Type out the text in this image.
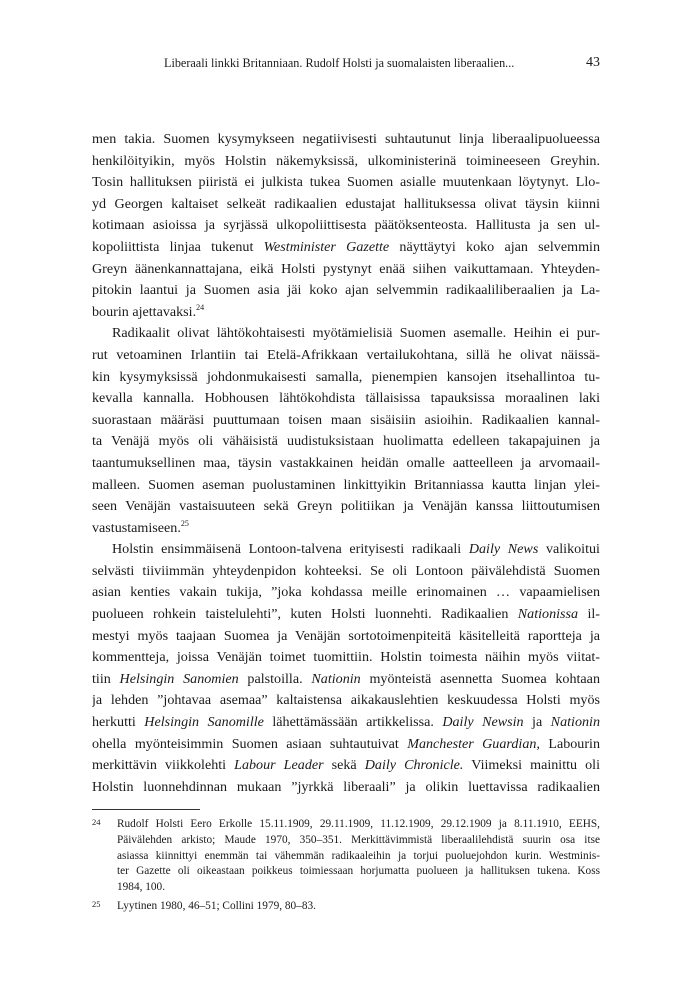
Liberaali linkki Britanniaan. Rudolf Holsti ja suomalaisten liberaalien...	43
men takia. Suomen kysymykseen negatiivisesti suhtautunut linja liberaalipuolueessa
henkilöityikin, myös Holstin näkemyksissä, ulkoministerinä toimineeseen Greyhin.
Tosin hallituksen piiristä ei julkista tukea Suomen asialle muutenkaan löytynyt. Llo-
yd Georgen kaltaiset selkeät radikaalien edustajat hallituksessa olivat täysin kiinni
kotimaan asioissa ja syrjässä ulkopoliittisesta päätöksenteosta. Hallitusta ja sen ul-
kopoliittista linjaa tukenut Westminister Gazette näyttäytyi koko ajan selvemmin
Greyn äänenkannattajana, eikä Holsti pystynyt enää siihen vaikuttamaan. Yhteyden-
pitokin laantui ja Suomen asia jäi koko ajan selvemmin radikaaliliberaalien ja La-
bourin ajettavaksi.$^{24}$
Radikaalit olivat lähtökohtaisesti myötämielisiä Suomen asemalle. Heihin ei pur-
rut vetoaminen Irlantiin tai Etelä-Afrikkaan vertailukohtana, sillä he olivat näissä-
kin kysymyksissä johdonmukaisesti samalla, pienempien kansojen itsehallintoa tu-
kevalla kannalla. Hobhousen lähtökohdista tällaisissa tapauksissa moraalinen laki
suorastaan määräsi puuttumaan toisen maan sisäisiin asioihin. Radikaalien kannal-
ta Venäjä myös oli vähäisistä uudistuksistaan huolimatta edelleen takapajuinen ja
taantumuksellinen maa, täysin vastakkainen heidän omalle aatteelleen ja arvomaail-
malleen. Suomen aseman puolustaminen linkittyikin Britanniassa kautta linjan ylei-
seen Venäjän vastaisuuteen sekä Greyn politiikan ja Venäjän kanssa liittoutumisen
vastustamiseen.$^{25}$
Holstin ensimmäisenä Lontoon-talvena erityisesti radikaali Daily News valikoitui
selvästi tiiviimmän yhteydenpidon kohteeksi. Se oli Lontoon päivälehdistä Suomen
asian kenties vakain tukija, ”joka kohdassa meille erinomainen … vapaamielisen
puolueen rohkein taistelulehti”, kuten Holsti luonnehti. Radikaalien Nationissa il-
mestyi myös taajaan Suomea ja Venäjän sortotoimenpiteitä käsitelleitä raportteja ja
kommentteja, joissa Venäjän toimet tuomittiin. Holstin toimesta näihin myös viitat-
tiin Helsingin Sanomien palstoilla. Nationin myönteistä asennetta Suomea kohtaan
ja lehden ”johtavaa asemaa” kaltaistensa aikakauslehtien keskuudessa Holsti myös
herkutti Helsingin Sanomille lähettämässään artikkelissa. Daily Newsin ja Nationin
ohella myönteisimmin Suomen asiaan suhtautuivat Manchester Guardian, Labourin
merkittävin viikkolehti Labour Leader sekä Daily Chronicle. Viimeksi mainittu oli
Holstin luonnehdinnan mukaan ”jyrkkä liberaali” ja olikin luettavissa radikaalien
24 Rudolf Holsti Eero Erkolle 15.11.1909, 29.11.1909, 11.12.1909, 29.12.1909 ja 8.11.1910, EEHS,
Päivälehden arkisto; Maude 1970, 350–351. Merkittävimmistä liberaalilehdistä suurin osa itse
asiassa kiinnittyi enemmän tai vähemmän radikaaleihin ja torjui puoluejohdon kurin. Westminis-
ter Gazette oli oikeastaan poikkeus toimiessaan horjumatta puolueen ja hallituksen tukena. Koss
1984, 100.
25 Lyytinen 1980, 46–51; Collini 1979, 80–83.
